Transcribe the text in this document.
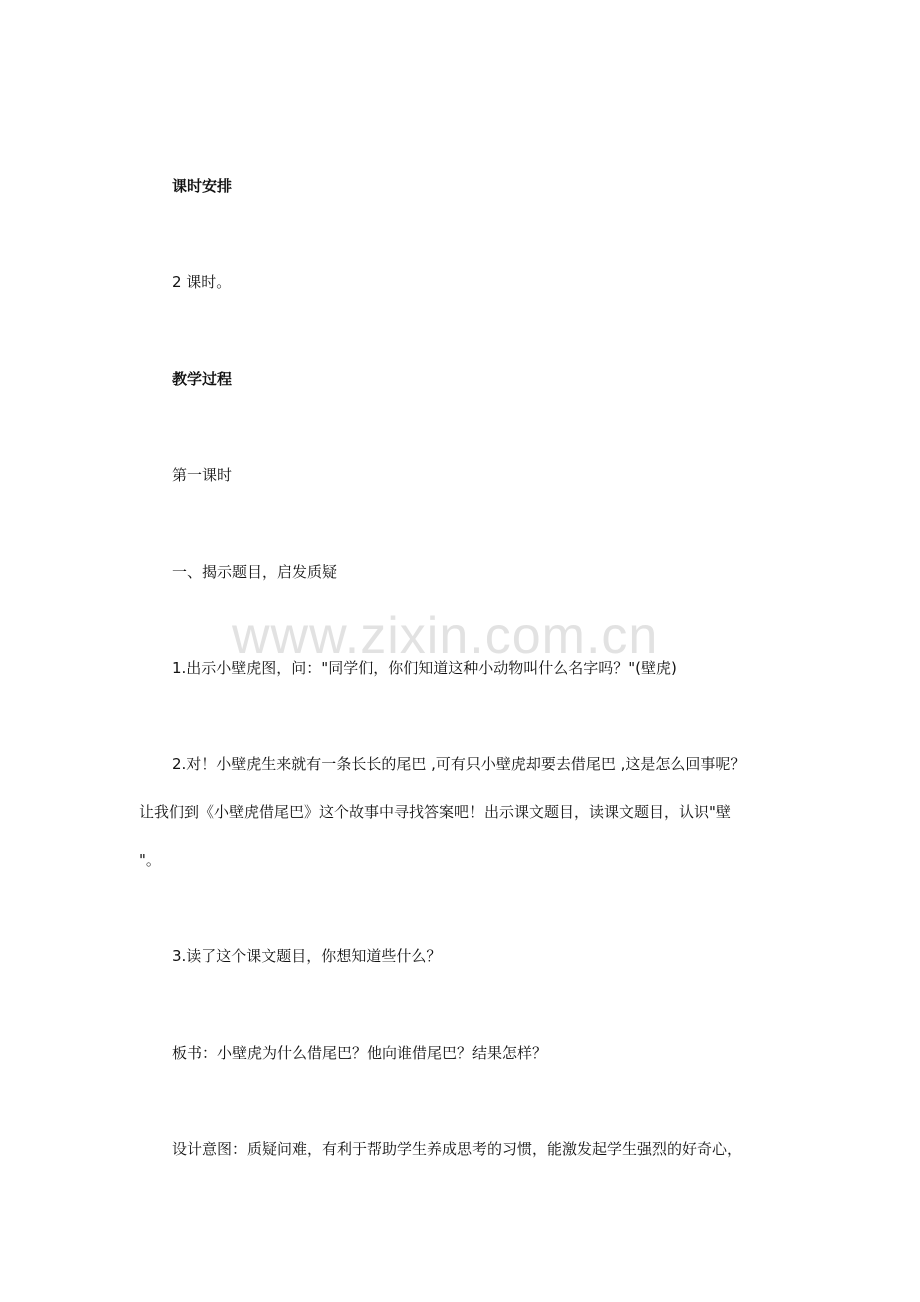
课时安排
2 课时。
教学过程
第一课时
一、揭示题目，启发质疑
www.zixin.com.cn
1.出示小壁虎图，问："同学们，你们知道这种小动物叫什么名字吗？"(壁虎)
2.对！小壁虎生来就有一条长长的尾巴 ,可有只小壁虎却要去借尾巴 ,这是怎么回事呢？
让我们到《小壁虎借尾巴》这个故事中寻找答案吧！出示课文题目，读课文题目，认识"壁
"。
3.读了这个课文题目，你想知道些什么？
板书：小壁虎为什么借尾巴？他向谁借尾巴？结果怎样？
设计意图：质疑问难，有利于帮助学生养成思考的习惯，能激发起学生强烈的好奇心，
